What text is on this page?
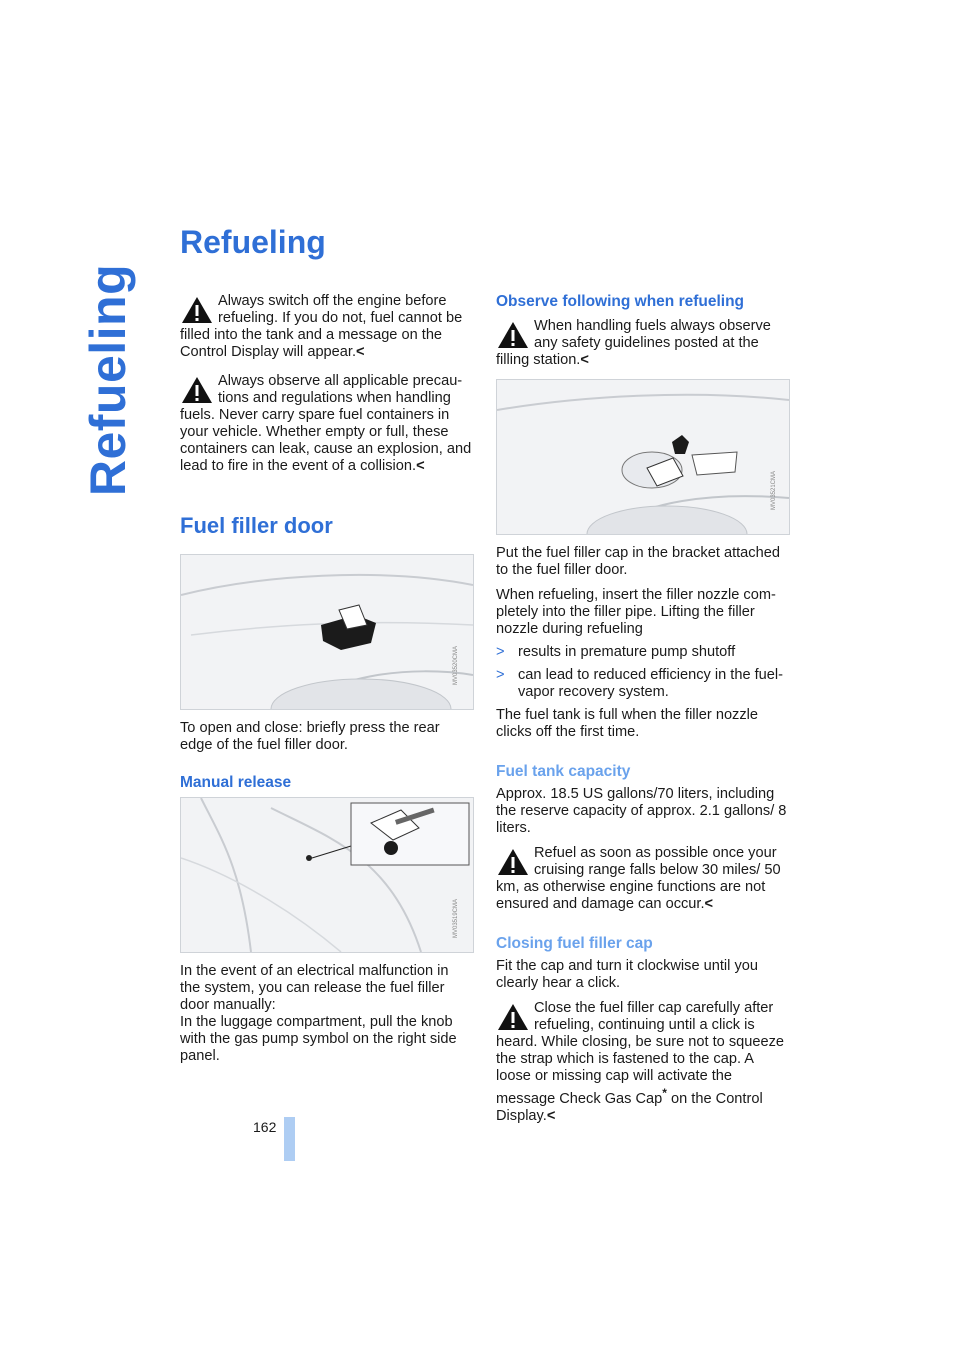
Refueling
Refueling
Always switch off the engine before refueling. If you do not, fuel cannot be filled into the tank and a message on the Control Display will appear.<
Always observe all applicable precau-tions and regulations when handling fuels. Never carry spare fuel containers in your vehicle. Whether empty or full, these containers can leak, cause an explosion, and lead to fire in the event of a collision.<
Fuel filler door
MV03520CMA

To open and close: briefly press the rear edge of the fuel filler door.

Manual release
MV03519CMA

In the event of an electrical malfunction in the system, you can release the fuel filler door manually:

In the luggage compartment, pull the knob with the gas pump symbol on the right side panel.

Observe following when refueling
When handling fuels always observe any safety guidelines posted at the filling station.<
MV03521CMA

Put the fuel filler cap in the bracket attached to the fuel filler door.

When refueling, insert the filler nozzle com-pletely into the filler pipe. Lifting the filler nozzle during refueling

> results in premature pump shutoff
> can lead to reduced efficiency in the fuel-vapor recovery system.

The fuel tank is full when the filler nozzle clicks off the first time.

Fuel tank capacity

Approx. 18.5 US gallons/70 liters, including the reserve capacity of approx. 2.1 gallons/ 8 liters.

Refuel as soon as possible once your cruising range falls below 30 miles/ 50 km, as otherwise engine functions are not ensured and damage can occur.<
Closing fuel filler cap

Fit the cap and turn it clockwise until you clearly hear a click.

Close the fuel filler cap carefully after refueling, continuing until a click is heard. While closing, be sure not to squeeze the strap which is fastened to the cap. A loose or missing cap will activate the message Check Gas Cap* on the Control Display.<
162
